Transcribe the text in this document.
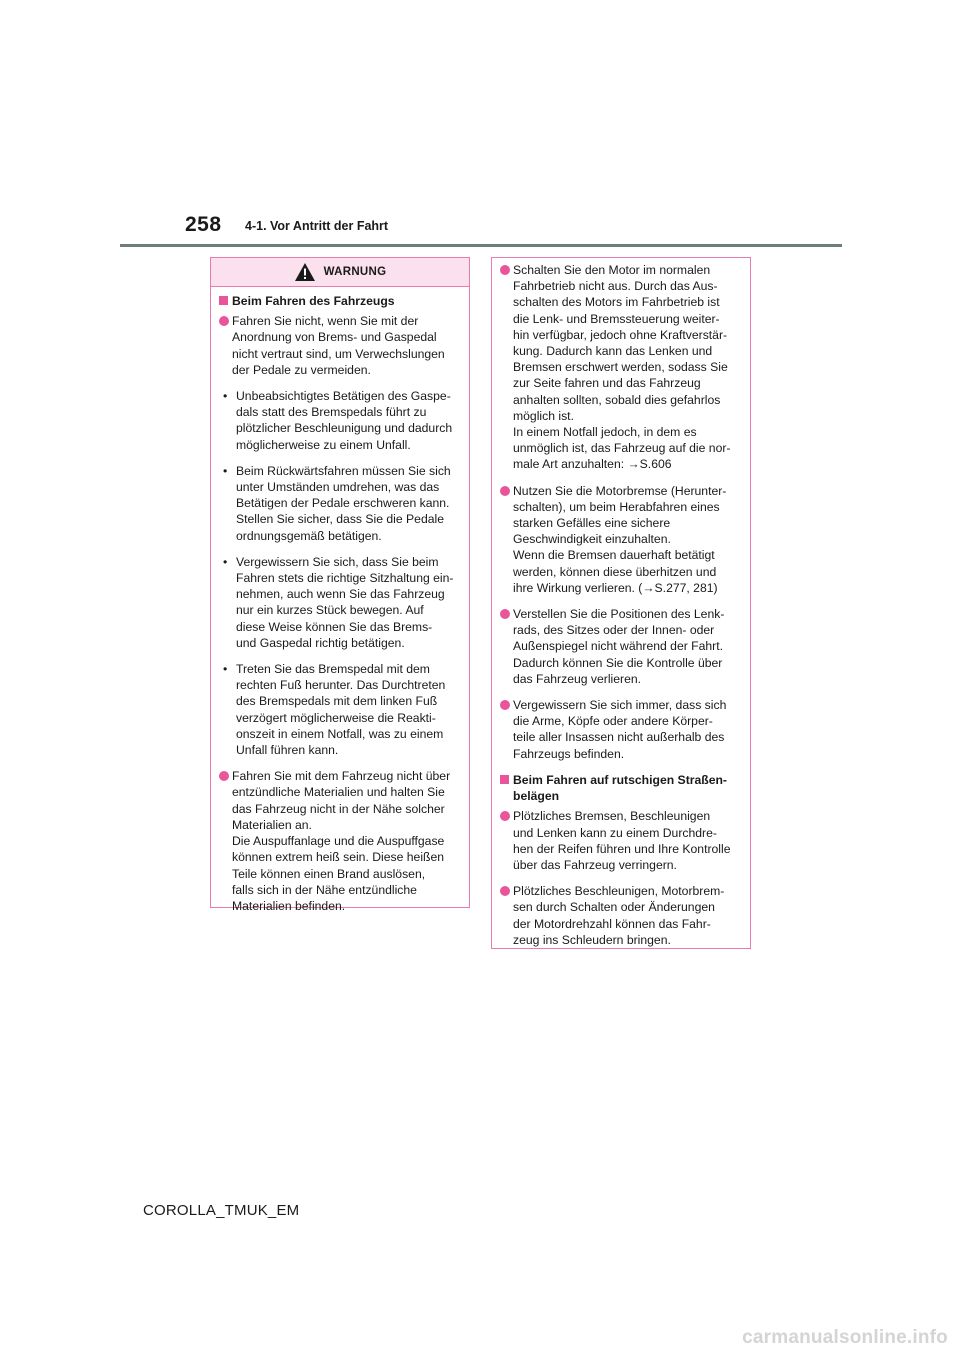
258 4-1. Vor Antritt der Fahrt
WARNUNG
Beim Fahren des Fahrzeugs
Fahren Sie nicht, wenn Sie mit der
Anordnung von Brems- und Gaspedal
nicht vertraut sind, um Verwechslungen
der Pedale zu vermeiden.
• Unbeabsichtigtes Betätigen des Gaspe-
dals statt des Bremspedals führt zu
plötzlicher Beschleunigung und dadurch
möglicherweise zu einem Unfall.
• Beim Rückwärtsfahren müssen Sie sich
unter Umständen umdrehen, was das
Betätigen der Pedale erschweren kann.
Stellen Sie sicher, dass Sie die Pedale
ordnungsgemäß betätigen.
• Vergewissern Sie sich, dass Sie beim
Fahren stets die richtige Sitzhaltung ein-
nehmen, auch wenn Sie das Fahrzeug
nur ein kurzes Stück bewegen. Auf
diese Weise können Sie das Brems-
und Gaspedal richtig betätigen.
• Treten Sie das Bremspedal mit dem
rechten Fuß herunter. Das Durchtreten
des Bremspedals mit dem linken Fuß
verzögert möglicherweise die Reakti-
onszeit in einem Notfall, was zu einem
Unfall führen kann.
Fahren Sie mit dem Fahrzeug nicht über
entzündliche Materialien und halten Sie
das Fahrzeug nicht in der Nähe solcher
Materialien an.
Die Auspuffanlage und die Auspuffgase
können extrem heiß sein. Diese heißen
Teile können einen Brand auslösen,
falls sich in der Nähe entzündliche
Materialien befinden.
Schalten Sie den Motor im normalen
Fahrbetrieb nicht aus. Durch das Aus-
schalten des Motors im Fahrbetrieb ist
die Lenk- und Bremssteuerung weiter-
hin verfügbar, jedoch ohne Kraftverstär-
kung. Dadurch kann das Lenken und
Bremsen erschwert werden, sodass Sie
zur Seite fahren und das Fahrzeug
anhalten sollten, sobald dies gefahrlos
möglich ist.
In einem Notfall jedoch, in dem es
unmöglich ist, das Fahrzeug auf die nor-
male Art anzuhalten: →S.606
Nutzen Sie die Motorbremse (Herunter-
schalten), um beim Herabfahren eines
starken Gefälles eine sichere
Geschwindigkeit einzuhalten.
Wenn die Bremsen dauerhaft betätigt
werden, können diese überhitzen und
ihre Wirkung verlieren. (→S.277, 281)
Verstellen Sie die Positionen des Lenk-
rads, des Sitzes oder der Innen- oder
Außenspiegel nicht während der Fahrt.
Dadurch können Sie die Kontrolle über
das Fahrzeug verlieren.
Vergewissern Sie sich immer, dass sich
die Arme, Köpfe oder andere Körper-
teile aller Insassen nicht außerhalb des
Fahrzeugs befinden.
Beim Fahren auf rutschigen Straßen-
belägen
Plötzliches Bremsen, Beschleunigen
und Lenken kann zu einem Durchdre-
hen der Reifen führen und Ihre Kontrolle
über das Fahrzeug verringern.
Plötzliches Beschleunigen, Motorbrem-
sen durch Schalten oder Änderungen
der Motordrehzahl können das Fahr-
zeug ins Schleudern bringen.
COROLLA_TMUK_EM
carmanualsonline.info
